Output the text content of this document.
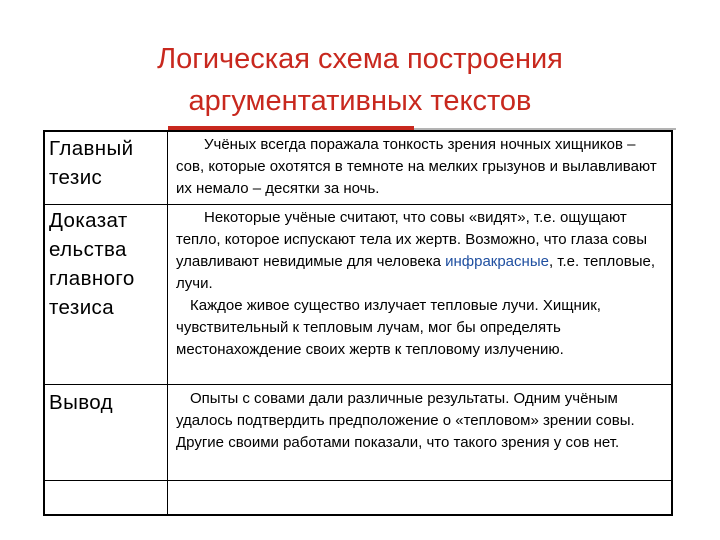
Логическая схема построения
аргументативных текстов
Главный
тезис

Учёных всегда поражала тонкость зрения ночных хищников – сов, которые охотятся в темноте на мелких грызунов и вылавливают их немало – десятки за ночь.

Доказат
ельства
главного
тезиса

Некоторые учёные считают, что совы «видят», т.е. ощущают тепло, которое испускают тела их жертв. Возможно, что глаза совы улавливают невидимые для человека инфракрасные, т.е. тепловые, лучи.

Каждое живое существо излучает тепловые лучи. Хищник, чувствительный к тепловым лучам, мог бы определять местонахождение своих жертв к тепловому излучению.

Вывод	Опыты с совами дали различные результаты. Одним учёным удалось подтвердить предположение о «тепловом» зрении совы. Другие своими работами показали, что такого зрения у сов нет.
